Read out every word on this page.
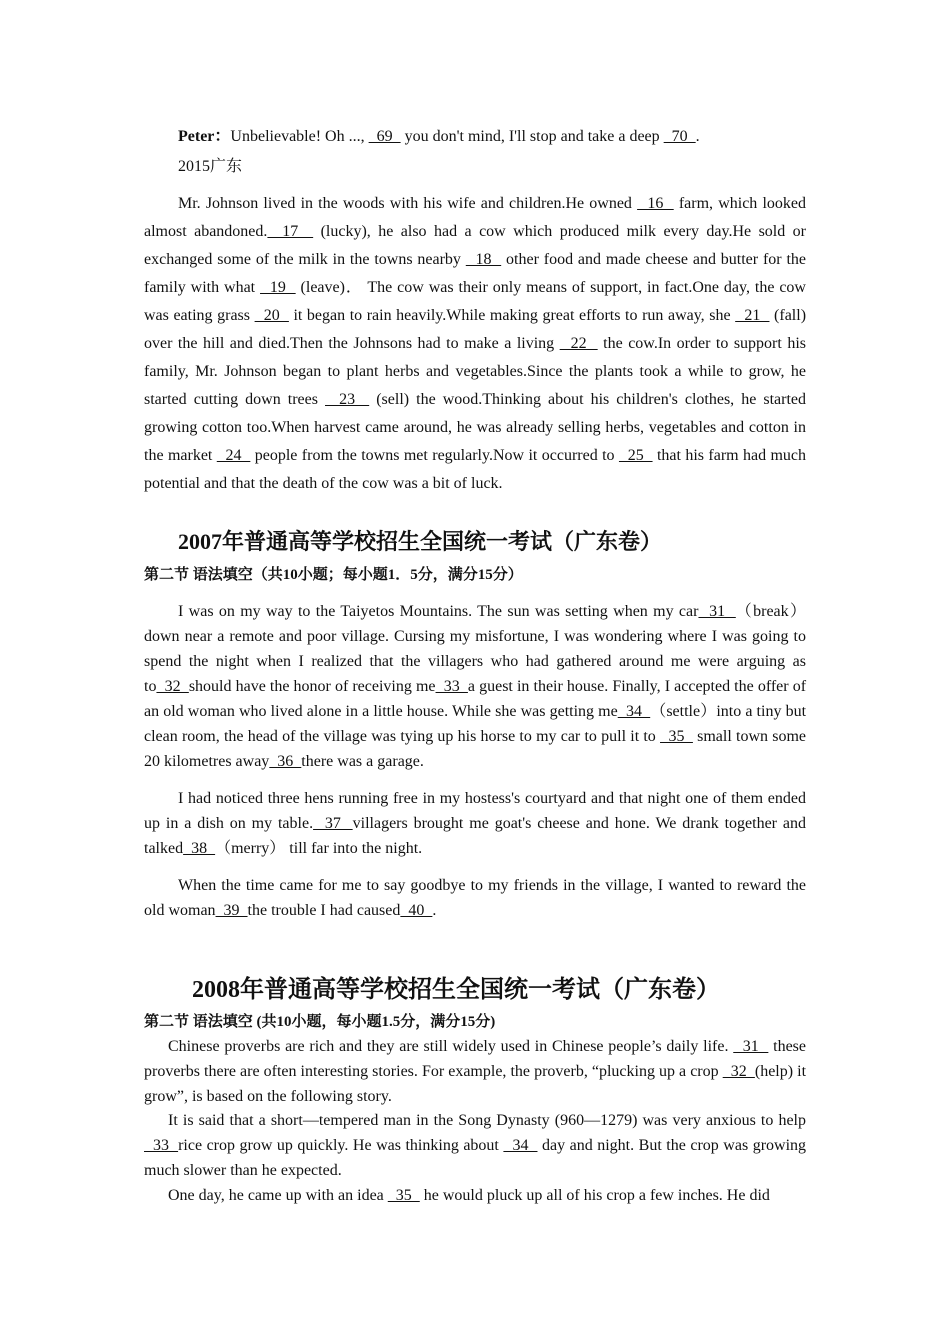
Peter：Unbelievable! Oh ...,   69   you don't mind, I'll stop and take a deep   70  .

2015广东

Mr. Johnson lived in the woods with his wife and children.He owned   16   farm, which looked almost abandoned.  17   (lucky), he also had a cow which produced milk every day.He sold or exchanged some of the milk in the towns nearby   18   other food and made cheese and butter for the family with what   19   (leave)． The cow was their only means of support, in fact.One day, the cow was eating grass   20   it began to rain heavily.While making great efforts to run away, she   21   (fall) over the hill and died.Then the Johnsons had to make a living   22   the cow.In order to support his family, Mr. Johnson began to plant herbs and vegetables.Since the plants took a while to grow, he started cutting down trees   23   (sell) the wood.Thinking about his children's clothes, he started growing cotton too.When harvest came around, he was already selling herbs, vegetables and cotton in the market   24   people from the towns met regularly.Now it occurred to   25   that his farm had much potential and that the death of the cow was a bit of luck.

2007年普通高等学校招生全国统一考试（广东卷）
第二节 语法填空（共10小题；每小题1．5分，满分15分）

I was on my way to the Taiyetos Mountains. The sun was setting when my car  31  （break）down near a remote and poor village. Cursing my misfortune, I was wondering where I was going to spend the night when I realized that the villagers who had gathered around me were arguing as to  32  should have the honor of receiving me  33  a guest in their house. Finally, I accepted the offer of an old woman who lived alone in a little house. While she was getting me  34  （settle）into a tiny but clean room, the head of the village was tying up his horse to my car to pull it to   35   small town some 20 kilometres away  36  there was a garage.

I had noticed three hens running free in my hostess's courtyard and that night one of them ended up in a dish on my table.  37  villagers brought me goat's cheese and hone. We drank together and talked  38  （merry） till far into the night.

When the time came for me to say goodbye to my friends in the village, I wanted to reward the old woman  39  the trouble I had caused  40  .

2008年普通高等学校招生全国统一考试（广东卷）
第二节 语法填空 (共10小题，每小题1.5分，满分15分)

Chinese proverbs are rich and they are still widely used in Chinese people’s daily life.   31   these proverbs there are often interesting stories. For example, the proverb, “plucking up a crop   32  (help) it grow”, is based on the following story.

It is said that a short—tempered man in the Song Dynasty (960—1279) was very anxious to help   33  rice crop grow up quickly. He was thinking about   34   day and night. But the crop was growing much slower than he expected.

One day, he came up with an idea   35   he would pluck up all of his crop a few inches. He did
